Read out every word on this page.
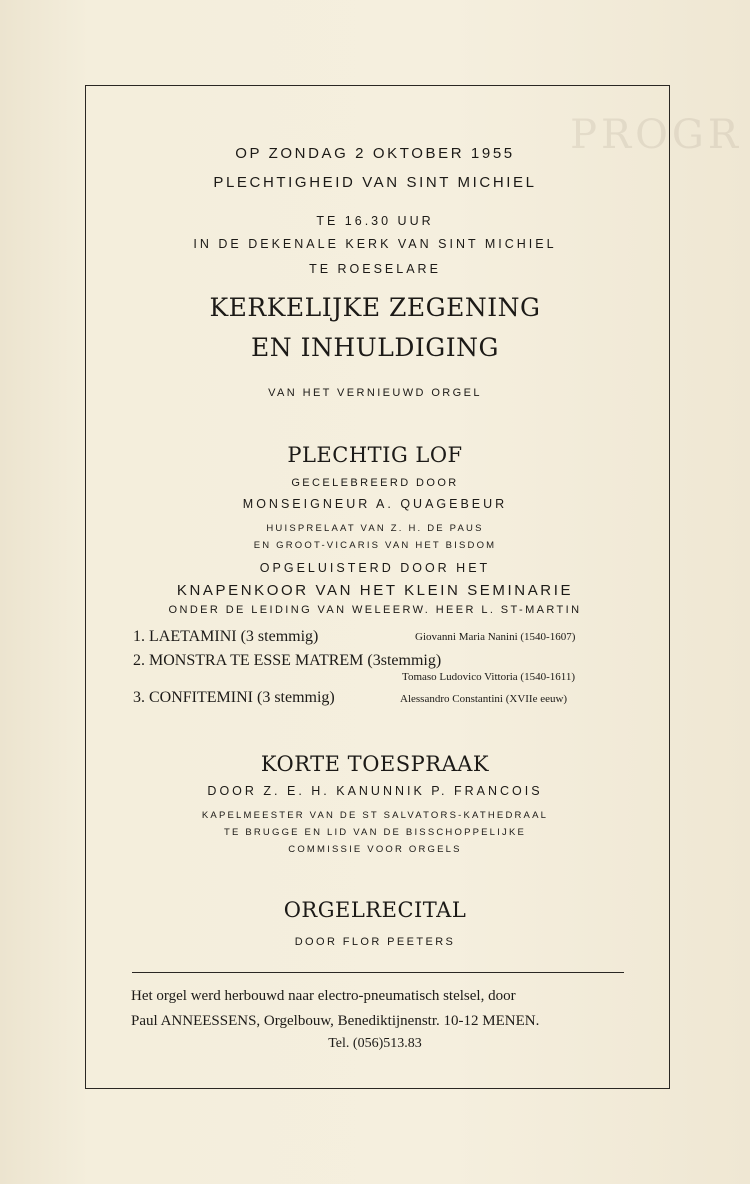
PROGR
OP ZONDAG 2 OKTOBER 1955
PLECHTIGHEID VAN SINT MICHIEL
TE 16.30 UUR
IN DE DEKENALE KERK VAN SINT MICHIEL
TE ROESELARE
KERKELIJKE ZEGENING
EN INHULDIGING
VAN HET VERNIEUWD ORGEL
PLECHTIG LOF
GECELEBREERD DOOR
MONSEIGNEUR A. QUAGEBEUR
HUISPRELAAT VAN Z. H. DE PAUS
EN GROOT-VICARIS VAN HET BISDOM
OPGELUISTERD DOOR HET
KNAPENKOOR VAN HET KLEIN SEMINARIE
ONDER DE LEIDING VAN WELEERW. HEER L. ST-MARTIN
1. LAETAMINI (3 stemmig)	Giovanni Maria Nanini (1540-1607)
2. MONSTRA TE ESSE MATREM (3stemmig)
Tomaso Ludovico Vittoria (1540-1611)
3. CONFITEMINI (3 stemmig)	Alessandro Constantini (XVIIe eeuw)
KORTE TOESPRAAK
DOOR Z. E. H. KANUNNIK P. FRANCOIS
KAPELMEESTER VAN DE ST SALVATORS-KATHEDRAAL
TE BRUGGE EN LID VAN DE BISSCHOPPELIJKE
COMMISSIE VOOR ORGELS
ORGELRECITAL
DOOR FLOR PEETERS
Het orgel werd herbouwd naar electro-pneumatisch stelsel, door
Paul ANNEESSENS, Orgelbouw, Benediktijnenstr. 10-12 MENEN.
Tel. (056)513.83
